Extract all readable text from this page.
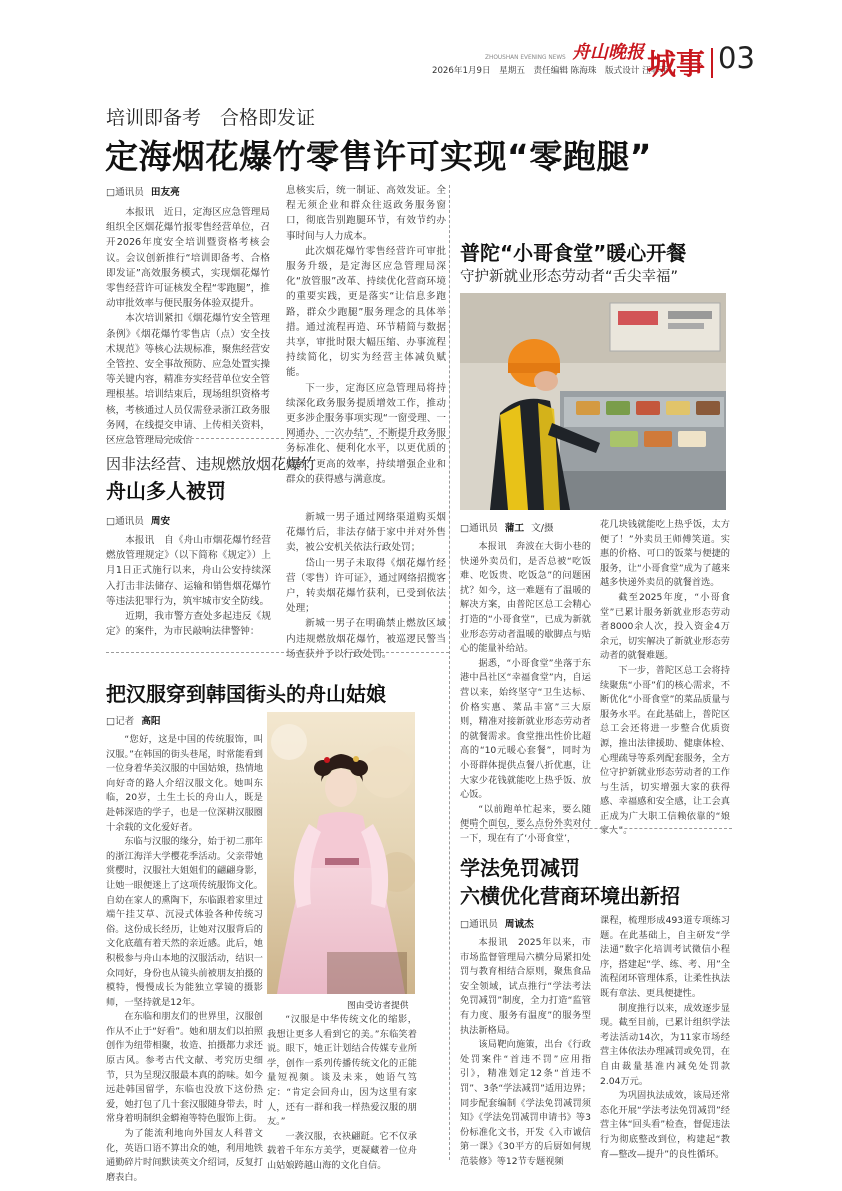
2026年1月9日　星期五　责任编辑 陈海珠　版式设计 汪菲菲
舟山晚报
ZHOUSHAN EVENING NEWS	城事 03
培训即备考　合格即发证
定海烟花爆竹零售许可实现“零跑腿”
□通讯员 田友亮

本报讯　近日，定海区应急管理局组织全区烟花爆竹报零售经营单位，召开2026年度安全培训暨资格考核会议。会议创新推行“培训即备考、合格即发证”高效服务模式，实现烟花爆竹零售经营许可证核发全程“零跑腿”，推动审批效率与便民服务体验双提升。

本次培训紧扣《烟花爆竹安全管理条例》《烟花爆竹零售店（点）安全技术规范》等核心法规标准，聚焦经营安全管控、安全事故预防、应急处置实操等关键内容，精准夯实经营单位安全管理根基。培训结束后，现场组织资格考核，考核通过人员仅需登录浙江政务服务网，在线提交申请、上传相关资料，区应急管理局完成信

息核实后，统一制证、高效发证。全程无须企业和群众往返政务服务窗口，彻底告别跑腿环节，有效节约办事时间与人力成本。

此次烟花爆竹零售经营许可审批服务升级，是定海区应急管理局深化“放管服”改革、持续优化营商环境的重要实践，更是落实“让信息多跑路，群众少跑腿”服务理念的具体举措。通过流程再造、环节精简与数据共享，审批时限大幅压缩、办事流程持续简化，切实为经营主体减负赋能。

下一步，定海区应急管理局将持续深化政务服务提质增效工作，推动更多涉企服务事项实现“一窗受理、一网通办、一次办结”，不断提升政务服务标准化、便利化水平，以更优质的服务、更高的效率，持续增强企业和群众的获得感与满意度。

因非法经营、违规燃放烟花爆竹
舟山多人被罚
□通讯员 周安

本报讯　自《舟山市烟花爆竹经营燃放管理规定》（以下简称《规定》）上月1日正式施行以来，舟山公安持续深入打击非法储存、运输和销售烟花爆竹等违法犯罪行为，筑牢城市安全防线。

近期，我市警方查处多起违反《规定》的案件，为市民敲响法律警钟：

新城一男子通过网络渠道购买烟花爆竹后，非法存储于家中并对外售卖，被公安机关依法行政处罚；

岱山一男子未取得《烟花爆竹经营（零售）许可证》，通过网络招揽客户，转卖烟花爆竹获利，已受到依法处理；

新城一男子在明确禁止燃放区域内违规燃放烟花爆竹，被巡逻民警当场查获并予以行政处罚。

把汉服穿到韩国街头的舟山姑娘
□记者 高阳

“您好，这是中国的传统服饰，叫汉服。”在韩国的街头巷尾，时常能看到一位身着华美汉服的中国姑娘，热情地向好奇的路人介绍汉服文化。她叫东临，20岁，土生土长的舟山人，既是赴韩深造的学子，也是一位深耕汉服圈十余载的文化爱好者。

东临与汉服的缘分，始于初二那年的浙江海洋大学樱花季活动。父亲带她赏樱时，汉服社大姐姐们的翩翩身影，让她一眼便迷上了这项传统服饰文化。自幼在家人的熏陶下，东临跟着家里过端午挂艾草、沉浸式体验各种传统习俗。这份成长经历，让她对汉服背后的文化底蕴有着天然的亲近感。此后，她积极参与舟山本地的汉服活动，结识一众同好，身份也从镜头前被朋友拍摄的模特，慢慢成长为能独立掌镜的摄影师，一坚持就是12年。

在东临和朋友们的世界里，汉服创作从不止于“好看”。她和朋友们以拍照创作为纽带相聚，妆造、拍摄都力求还原古风。参考古代文献、考究历史细节，只为呈现汉服最本真的韵味。如今远赴韩国留学，东临也没放下这份热爱，她打包了几十套汉服随身带去，时常身着明制织金蟒袍等特色服饰上街。

为了能流利地向外国友人科普文化，英语口语不算出众的她，利用地铁通勤碎片时间默读英文介绍词，反复打磨表白。

图由受访者提供

“汉服是中华传统文化的缩影，我想让更多人看到它的美。”东临笑着说。眼下，她正计划结合传媒专业所学，创作一系列传播传统文化的正能量短视频。谈及未来，她语气笃定：“肯定会回舟山，因为这里有家人，还有一群和我一样热爱汉服的朋友。”

一袭汉服，衣袂翩跹。它不仅承载着千年东方美学，更凝藏着一位舟山姑娘跨越山海的文化自信。

普陀“小哥食堂”暖心开餐
守护新就业形态劳动者“舌尖幸福”
□通讯员 蒲工 文/摄

本报讯　奔波在大街小巷的快递外卖员们，是否总被“吃饭难、吃饭贵、吃饭急”的问题困扰？如今，这一难题有了温暖的解决方案，由普陀区总工会精心打造的“小哥食堂”，已成为新就业形态劳动者温暖的歇脚点与贴心的能量补给站。

据悉，“小哥食堂”坐落于东港中昌社区“幸福食堂”内，自运营以来，始终坚守“卫生达标、价格实惠、菜品丰富”三大原则，精准对接新就业形态劳动者的就餐需求。食堂推出性价比超高的“10元暖心套餐”，同时为小哥群体提供点餐八折优惠，让大家少花钱就能吃上热乎饭、放心饭。

“以前跑单忙起来，要么随便啃个面包，要么点份外卖对付一下，现在有了‘小哥食堂’，

花几块钱就能吃上热乎饭，太方便了！”外卖员王师傅笑道。实惠的价格、可口的饭菜与便捷的服务，让“小哥食堂”成为了越来越多快递外卖员的就餐首选。

截至2025年度，“小哥食堂”已累计服务新就业形态劳动者8000余人次，投入资金4万余元，切实解决了新就业形态劳动者的就餐难题。

下一步，普陀区总工会将持续聚焦“小哥”们的核心需求，不断优化“小哥食堂”的菜品质量与服务水平。在此基础上，普陀区总工会还将进一步整合优质资源，推出法律援助、健康体检、心理疏导等系列配套服务，全方位守护新就业形态劳动者的工作与生活，切实增强大家的获得感、幸福感和安全感，让工会真正成为广大职工信赖依靠的“娘家人”。

学法免罚减罚
六横优化营商环境出新招
□通讯员 周诚杰

本报讯　2025年以来，市市场监督管理局六横分局紧扣处罚与教育相结合原则，聚焦食品安全领域，试点推行“学法考法免罚减罚”制度，全力打造“监管有力度、服务有温度”的服务型执法新格局。

该局靶向施策，出台《行政处罚案件“首违不罚”应用指引》，精准划定12条“首违不罚”、3条“学法减罚”适用边界；同步配套编制《学法免罚减罚须知》《学法免罚减罚申请书》等3份标准化文书，开发《入市诚信第一课》《30平方的后厨如何规范装修》等12节专题视频

课程，梳理形成493道专项练习题。在此基础上，自主研发“学法通”数字化培训考试微信小程序，搭建起“学、练、考、用”全流程闭环管理体系，让柔性执法既有章法、更具便捷性。

制度推行以来，成效逐步显现。截至目前，已累计组织学法考法活动14次，为11家市场经营主体依法办理减罚或免罚，在自由裁量基准内减免处罚款2.04万元。

为巩固执法成效，该局还常态化开展“学法考法免罚减罚”经营主体“回头看”检查，督促违法行为彻底整改到位，构建起“教育—整改—提升”的良性循环。
